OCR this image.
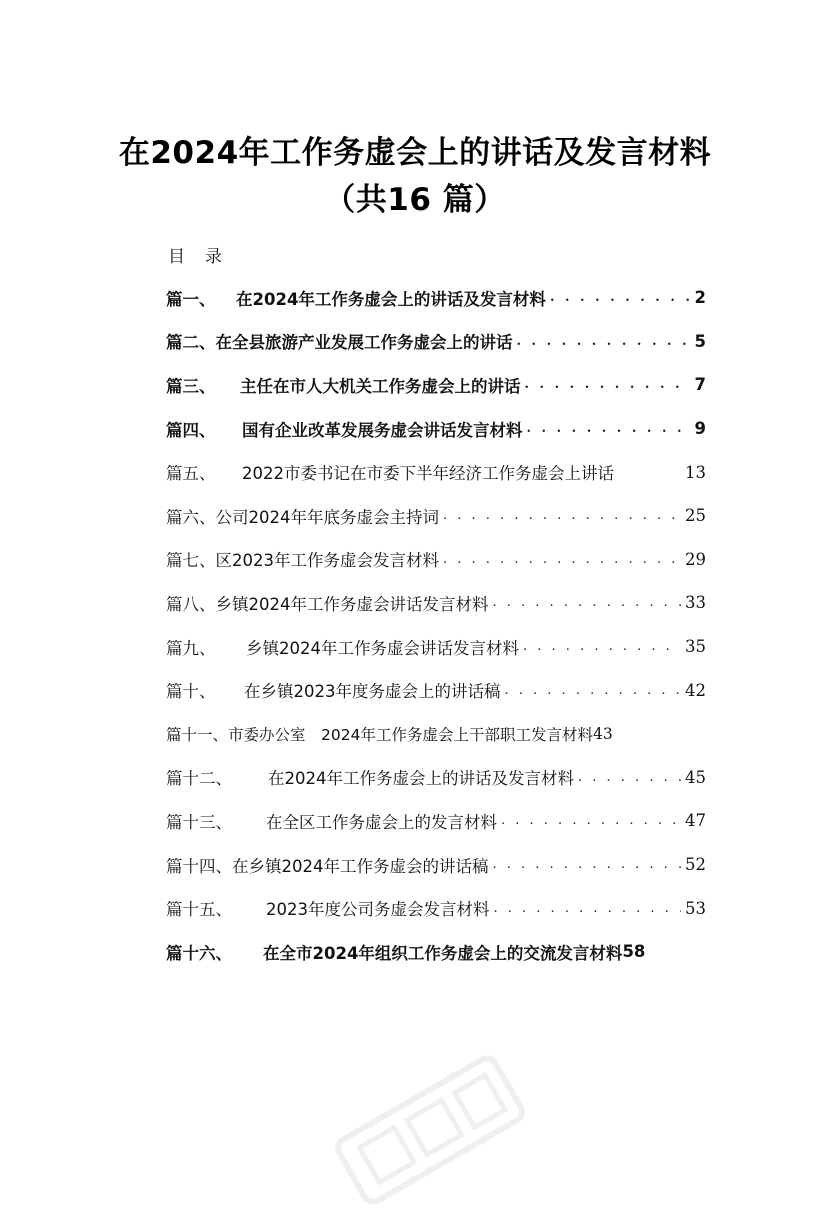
在2024年工作务虚会上的讲话及发言材料
（共16 篇）
目录
篇一、	在2024年工作务虚会上的讲话及发言材料 . . .	2
篇二、 在全县旅游产业发展工作务虚会上的讲话 . . .	5
篇三、	主任在市人大机关工作务虚会上的讲话 . . .	7
篇四、	国有企业改革发展务虚会讲话发言材料 . . .	9
篇五、	2022市委书记在市委下半年经济工作务虚会上讲话	13
篇六、 公司2024年年底务虚会主持词 . . .	25
篇七、 区2023年工作务虚会发言材料 . . .	29
篇八、 乡镇2024年工作务虚会讲话发言材料 . . .	33
篇九、	乡镇2024年工作务虚会讲话发言材料 . . .	35
篇十、	在乡镇2023年度务虚会上的讲话稿 . . .	42
篇十一、 市委办公室　2024年工作务虚会上干部职工发言材料 43
篇十二、	在2024年工作务虚会上的讲话及发言材料 . . .	45
篇十三、	在全区工作务虚会上的发言材料 . . .	47
篇十四、 在乡镇2024年工作务虚会的讲话稿 . . .	52
篇十五、	2023年度公司务虚会发言材料 . . .	53
篇十六、	在全市2024年组织工作务虚会上的交流发言材料 58
